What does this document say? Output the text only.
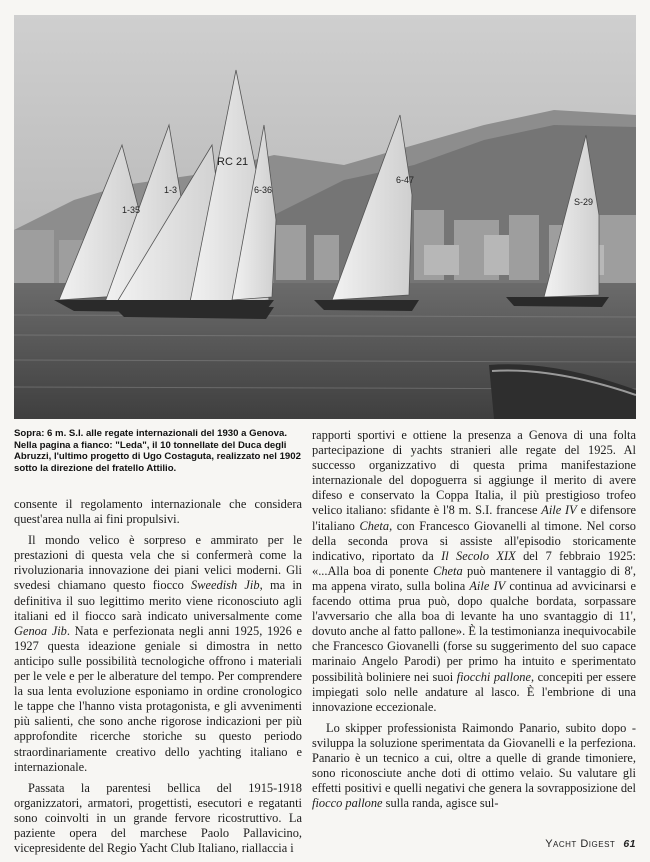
1-35
1-3
RC 21
6-36
6-47
S-29
Sopra: 6 m. S.I. alle regate internazionali del 1930 a Genova. Nella pagina a fianco: "Leda", il 10 tonnellate del Duca degli Abruzzi, l'ultimo progetto di Ugo Costaguta, realizzato nel 1902 sotto la direzione del fratello Attilio.

consente il regolamento internazionale che considera quest'area nulla ai fini propulsivi.

Il mondo velico è sorpreso e ammirato per le prestazioni di questa vela che si confermerà come la rivoluzionaria innovazione dei piani velici moderni. Gli svedesi chiamano questo fiocco Sweedish Jib, ma in definitiva il suo legittimo merito viene riconosciuto agli italiani ed il fiocco sarà indicato universalmente come Genoa Jib. Nata e perfezionata negli anni 1925, 1926 e 1927 questa ideazione geniale si dimostra in netto anticipo sulle possibilità tecnologiche offrono i materiali per le vele e per le alberature del tempo. Per comprendere la sua lenta evoluzione esponiamo in ordine cronologico le tappe che l'hanno vista protagonista, e gli avvenimenti più salienti, che sono anche rigorose indicazioni per più approfondite ricerche storiche su questo periodo straordinariamente creativo dello yachting italiano e internazionale.

Passata la parentesi bellica del 1915-1918 organizzatori, armatori, progettisti, esecutori e regatanti sono coinvolti in un grande fervore ricostruttivo. La paziente opera del marchese Paolo Pallavicino, vicepresidente del Regio Yacht Club Italiano, riallaccia i

rapporti sportivi e ottiene la presenza a Genova di una folta partecipazione di yachts stranieri alle regate del 1925. Al successo organizzativo di questa prima manifestazione internazionale del dopoguerra si aggiunge il merito di avere difeso e conservato la Coppa Italia, il più prestigioso trofeo velico italiano: sfidante è l'8 m. S.I. francese Aile IV e difensore l'italiano Cheta, con Francesco Giovanelli al timone. Nel corso della seconda prova si assiste all'episodio storicamente indicativo, riportato da Il Secolo XIX del 7 febbraio 1925: «...Alla boa di ponente Cheta può mantenere il vantaggio di 8', ma appena virato, sulla bolina Aile IV continua ad avvicinarsi e facendo ottima prua può, dopo qualche bordata, sorpassare l'avversario che alla boa di levante ha uno svantaggio di 11', dovuto anche al fatto pallone». È la testimonianza inequivocabile che Francesco Giovanelli (forse su suggerimento del suo capace marinaio Angelo Parodi) per primo ha intuito e sperimentato possibilità boliniere nei suoi fiocchi pallone, concepiti per essere impiegati solo nelle andature al lasco. È l'embrione di una innovazione eccezionale.

Lo skipper professionista Raimondo Panario, subito dopo - sviluppa la soluzione sperimentata da Giovanelli e la perfeziona. Panario è un tecnico a cui, oltre a quelle di grande timoniere, sono riconosciute anche doti di ottimo velaio. Su valutare gli effetti positivi e quelli negativi che genera la sovrapposizione del fiocco pallone sulla randa, agisce sul-

Yacht Digest 61
